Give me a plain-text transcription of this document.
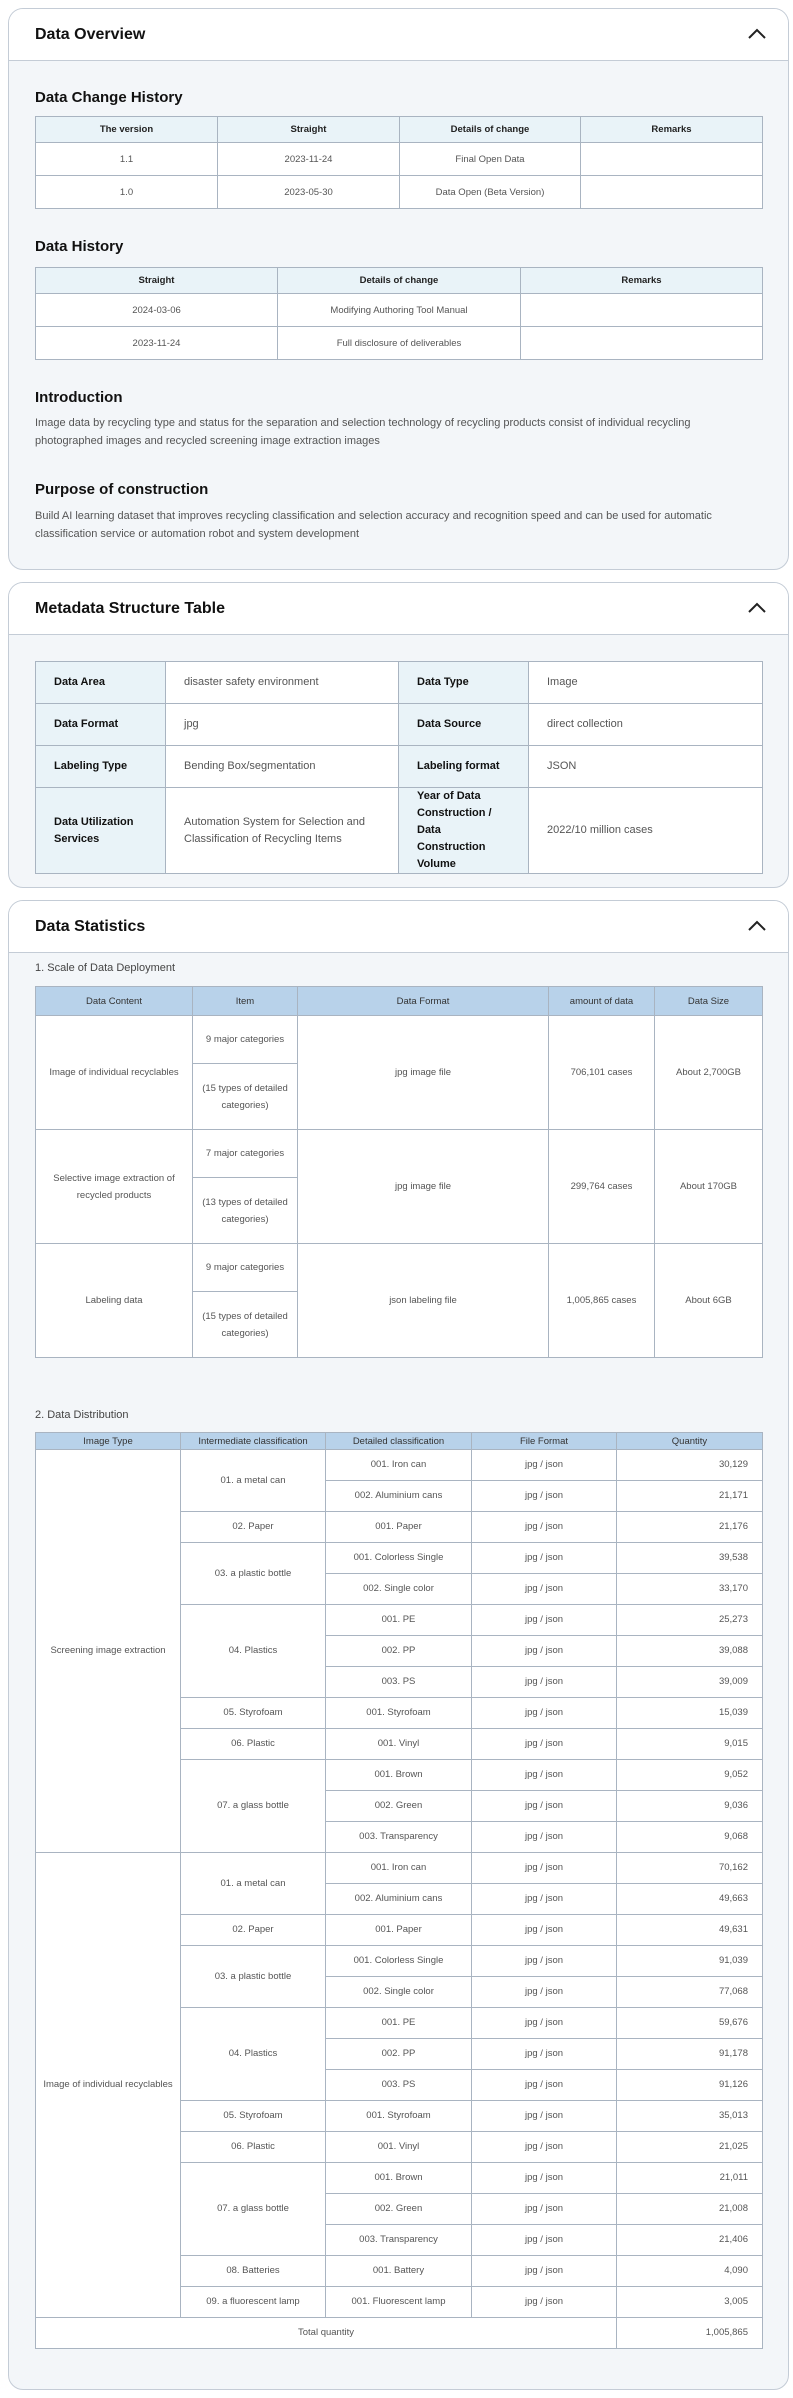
Data Overview
Data Change History
The version	Straight	Details of change	Remarks
1.1	2023-11-24	Final Open Data	
1.0	2023-05-30	Data Open (Beta Version)	
Data History
Straight	Details of change	Remarks
2024-03-06	Modifying Authoring Tool Manual	
2023-11-24	Full disclosure of deliverables	
Introduction
Image data by recycling type and status for the separation and selection technology of recycling products consist of individual recycling photographed images and recycled screening image extraction images
Purpose of construction
Build AI learning dataset that improves recycling classification and selection accuracy and recognition speed and can be used for automatic classification service or automation robot and system development
Metadata Structure Table
Data Area	disaster safety environment	Data Type	Image
Data Format	jpg	Data Source	direct collection
Labeling Type	Bending Box/segmentation	Labeling format	JSON
Data Utilization Services	Automation System for Selection and Classification of Recycling Items	Year of Data Construction / Data Construction Volume	2022/10 million cases
Data Statistics
1. Scale of Data Deployment
Data Content	Item	Data Format	amount of data	Data Size
Image of individual recyclables	9 major categories	jpg image file	706,101 cases	About 2,700GB
	(15 types of detailed categories)			
Selective image extraction of recycled products	7 major categories	jpg image file	299,764 cases	About 170GB
	(13 types of detailed categories)			
Labeling data	9 major categories	json labeling file	1,005,865 cases	About 6GB
	(15 types of detailed categories)			
2. Data Distribution
Image Type	Intermediate classification	Detailed classification	File Format	Quantity
Screening image extraction	01. a metal can	001. Iron can	jpg / json	30,129
		002. Aluminium cans	jpg / json	21,171
	02. Paper	001. Paper	jpg / json	21,176
	03. a plastic bottle	001. Colorless Single	jpg / json	39,538
		002. Single color	jpg / json	33,170
	04. Plastics	001. PE	jpg / json	25,273
		002. PP	jpg / json	39,088
		003. PS	jpg / json	39,009
	05. Styrofoam	001. Styrofoam	jpg / json	15,039
	06. Plastic	001. Vinyl	jpg / json	9,015
	07. a glass bottle	001. Brown	jpg / json	9,052
		002. Green	jpg / json	9,036
		003. Transparency	jpg / json	9,068
Image of individual recyclables	01. a metal can	001. Iron can	jpg / json	70,162
		002. Aluminium cans	jpg / json	49,663
	02. Paper	001. Paper	jpg / json	49,631
	03. a plastic bottle	001. Colorless Single	jpg / json	91,039
		002. Single color	jpg / json	77,068
	04. Plastics	001. PE	jpg / json	59,676
		002. PP	jpg / json	91,178
		003. PS	jpg / json	91,126
	05. Styrofoam	001. Styrofoam	jpg / json	35,013
	06. Plastic	001. Vinyl	jpg / json	21,025
	07. a glass bottle	001. Brown	jpg / json	21,011
		002. Green	jpg / json	21,008
		003. Transparency	jpg / json	21,406
	08. Batteries	001. Battery	jpg / json	4,090
	09. a fluorescent lamp	001. Fluorescent lamp	jpg / json	3,005
Total quantity				1,005,865
